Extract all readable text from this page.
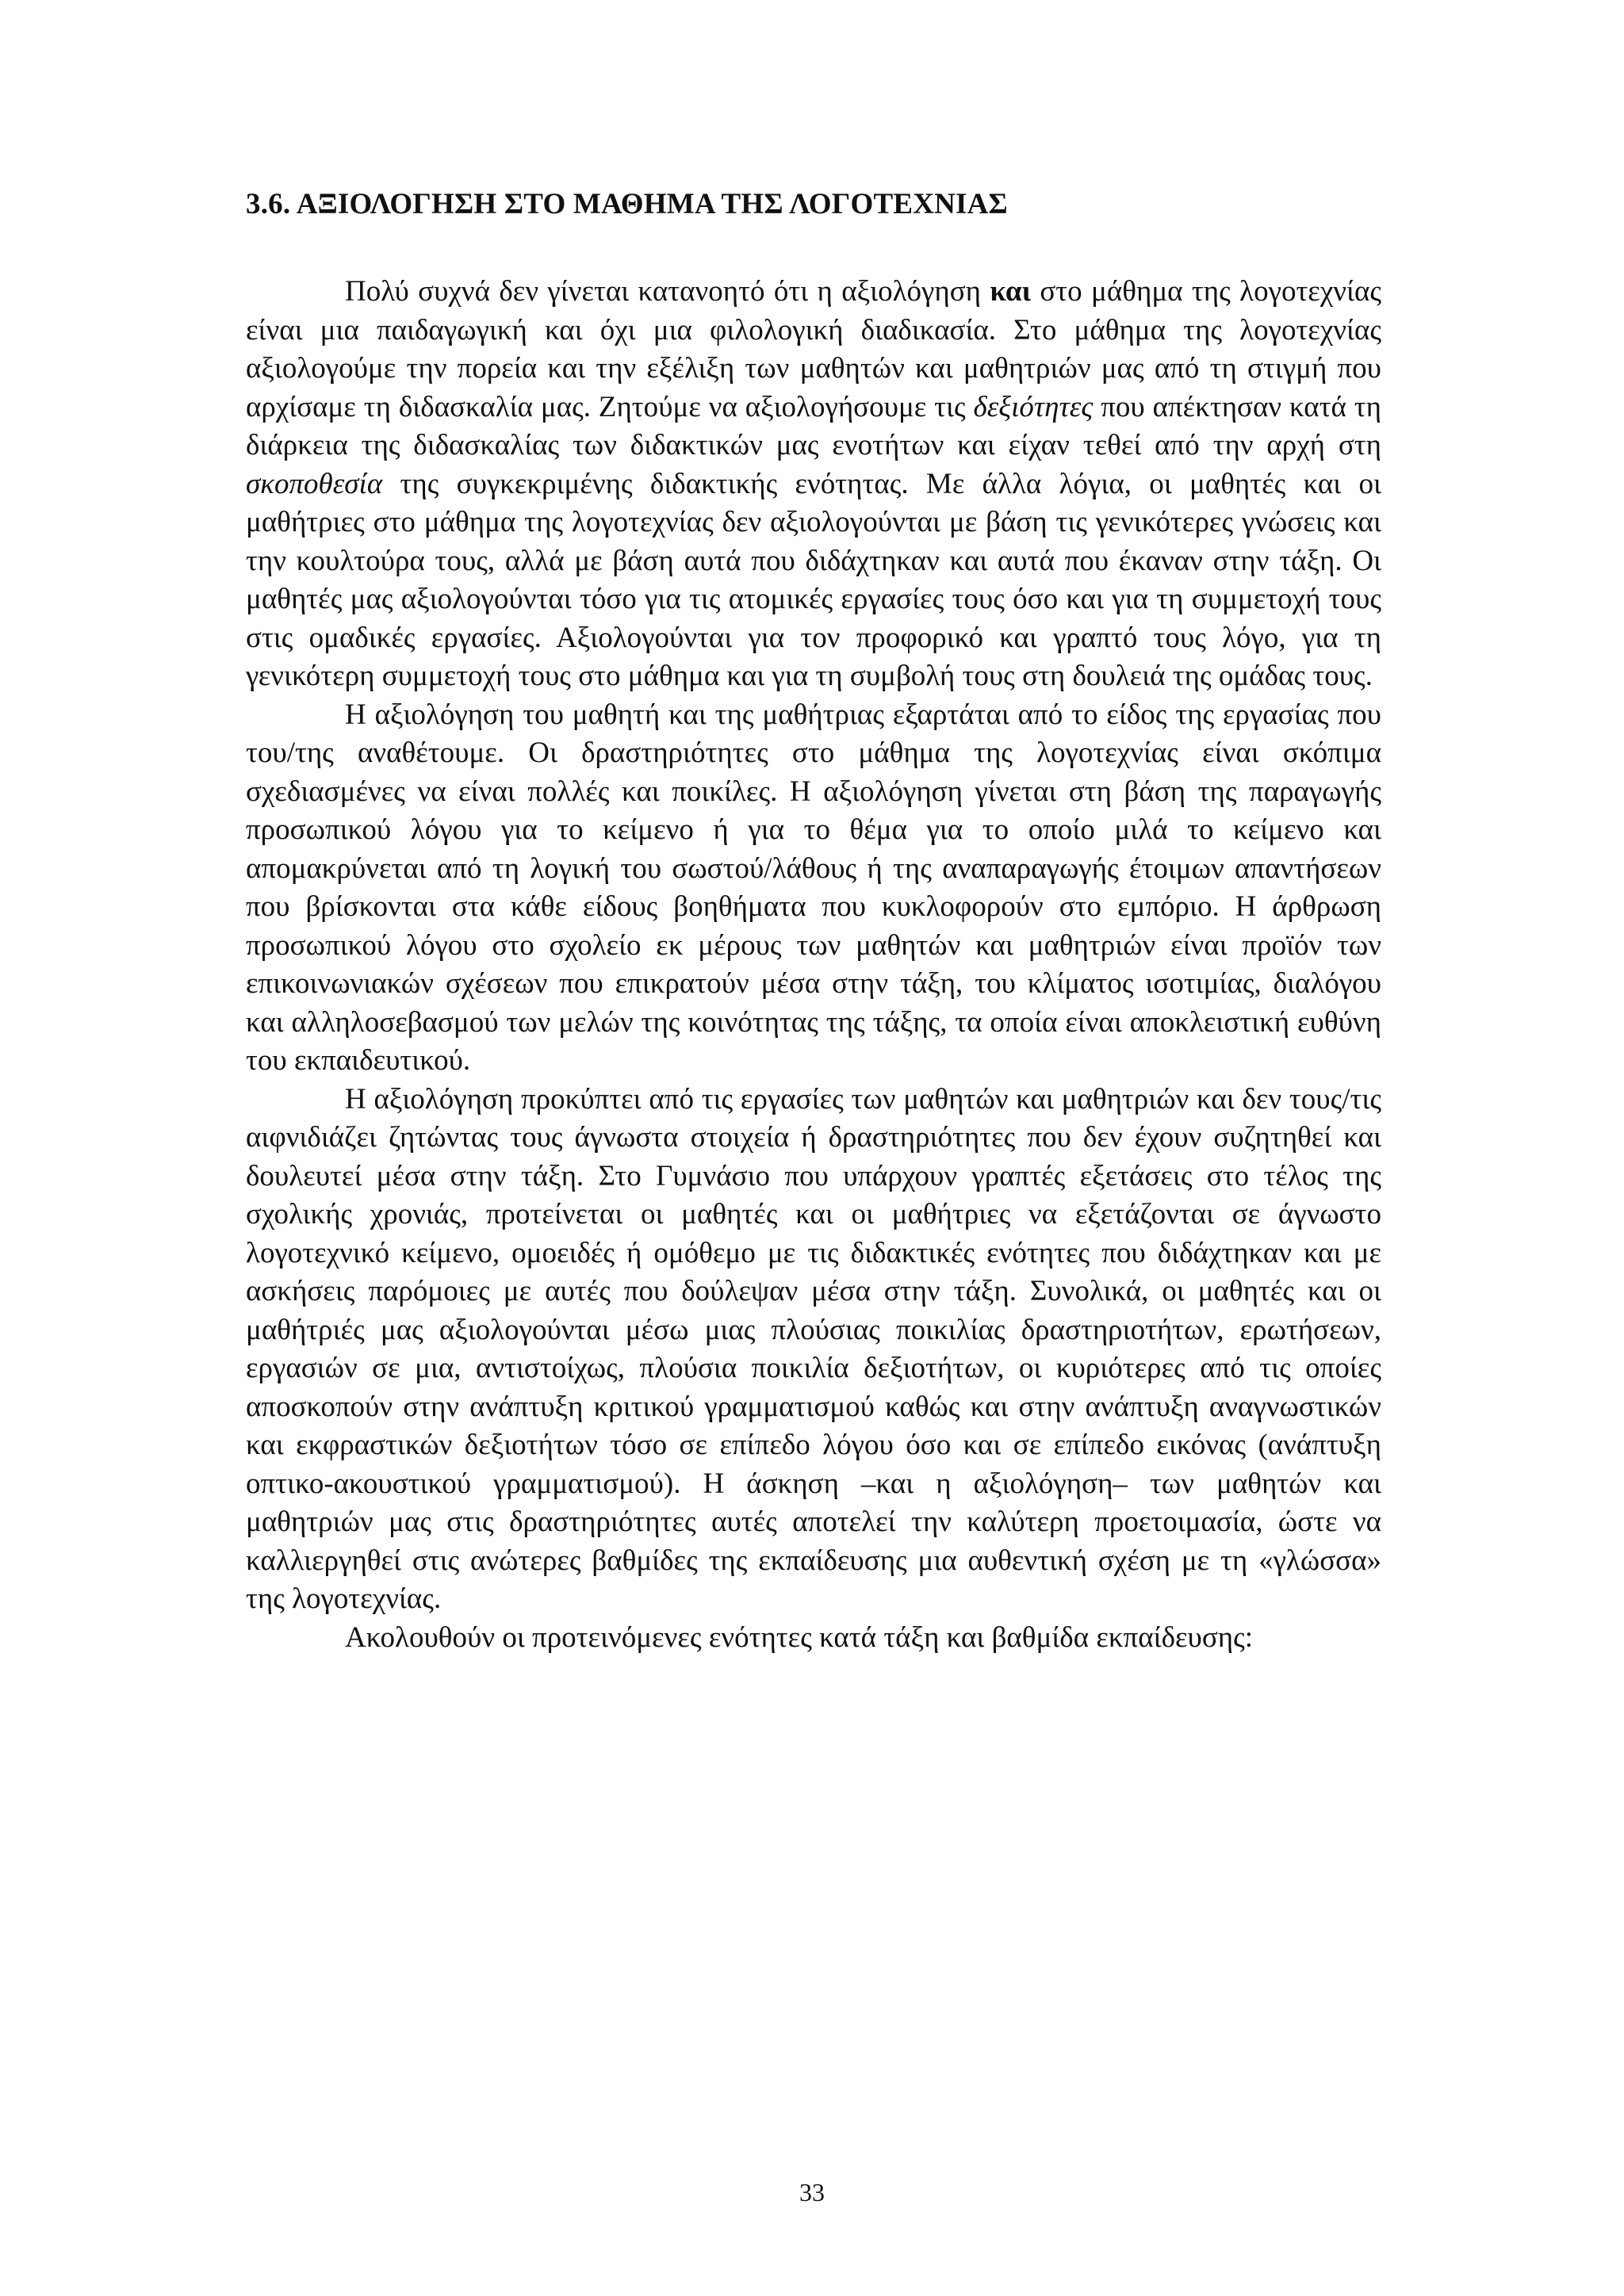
3.6. ΑΞΙΟΛΟΓΗΣΗ ΣΤΟ ΜΑΘΗΜΑ ΤΗΣ ΛΟΓΟΤΕΧΝΙΑΣ

Πολύ συχνά δεν γίνεται κατανοητό ότι η αξιολόγηση και στο μάθημα της λογοτεχνίας είναι μια παιδαγωγική και όχι μια φιλολογική διαδικασία. Στο μάθημα της λογοτεχνίας αξιολογούμε την πορεία και την εξέλιξη των μαθητών και μαθητριών μας από τη στιγμή που αρχίσαμε τη διδασκαλία μας. Ζητούμε να αξιολογήσουμε τις δεξιότητες που απέκτησαν κατά τη διάρκεια της διδασκαλίας των διδακτικών μας ενοτήτων και είχαν τεθεί από την αρχή στη σκοποθεσία της συγκεκριμένης διδακτικής ενότητας. Με άλλα λόγια, οι μαθητές και οι μαθήτριες στο μάθημα της λογοτεχνίας δεν αξιολογούνται με βάση τις γενικότερες γνώσεις και την κουλτούρα τους, αλλά με βάση αυτά που διδάχτηκαν και αυτά που έκαναν στην τάξη. Οι μαθητές μας αξιολογούνται τόσο για τις ατομικές εργασίες τους όσο και για τη συμμετοχή τους στις ομαδικές εργασίες. Αξιολογούνται για τον προφορικό και γραπτό τους λόγο, για τη γενικότερη συμμετοχή τους στο μάθημα και για τη συμβολή τους στη δουλειά της ομάδας τους.

Η αξιολόγηση του μαθητή και της μαθήτριας εξαρτάται από το είδος της εργασίας που του/της αναθέτουμε. Οι δραστηριότητες στο μάθημα της λογοτεχνίας είναι σκόπιμα σχεδιασμένες να είναι πολλές και ποικίλες. Η αξιολόγηση γίνεται στη βάση της παραγωγής προσωπικού λόγου για το κείμενο ή για το θέμα για το οποίο μιλά το κείμενο και απομακρύνεται από τη λογική του σωστού/λάθους ή της αναπαραγωγής έτοιμων απαντήσεων που βρίσκονται στα κάθε είδους βοηθήματα που κυκλοφορούν στο εμπόριο. Η άρθρωση προσωπικού λόγου στο σχολείο εκ μέρους των μαθητών και μαθητριών είναι προϊόν των επικοινωνιακών σχέσεων που επικρατούν μέσα στην τάξη, του κλίματος ισοτιμίας, διαλόγου και αλληλοσεβασμού των μελών της κοινότητας της τάξης, τα οποία είναι αποκλειστική ευθύνη του εκπαιδευτικού.

Η αξιολόγηση προκύπτει από τις εργασίες των μαθητών και μαθητριών και δεν τους/τις αιφνιδιάζει ζητώντας τους άγνωστα στοιχεία ή δραστηριότητες που δεν έχουν συζητηθεί και δουλευτεί μέσα στην τάξη. Στο Γυμνάσιο που υπάρχουν γραπτές εξετάσεις στο τέλος της σχολικής χρονιάς, προτείνεται οι μαθητές και οι μαθήτριες να εξετάζονται σε άγνωστο λογοτεχνικό κείμενο, ομοειδές ή ομόθεμο με τις διδακτικές ενότητες που διδάχτηκαν και με ασκήσεις παρόμοιες με αυτές που δούλεψαν μέσα στην τάξη. Συνολικά, οι μαθητές και οι μαθήτριές μας αξιολογούνται μέσω μιας πλούσιας ποικιλίας δραστηριοτήτων, ερωτήσεων, εργασιών σε μια, αντιστοίχως, πλούσια ποικιλία δεξιοτήτων, οι κυριότερες από τις οποίες αποσκοπούν στην ανάπτυξη κριτικού γραμματισμού καθώς και στην ανάπτυξη αναγνωστικών και εκφραστικών δεξιοτήτων τόσο σε επίπεδο λόγου όσο και σε επίπεδο εικόνας (ανάπτυξη οπτικο-ακουστικού γραμματισμού). Η άσκηση –και η αξιολόγηση– των μαθητών και μαθητριών μας στις δραστηριότητες αυτές αποτελεί την καλύτερη προετοιμασία, ώστε να καλλιεργηθεί στις ανώτερες βαθμίδες της εκπαίδευσης μια αυθεντική σχέση με τη «γλώσσα» της λογοτεχνίας.

Ακολουθούν οι προτεινόμενες ενότητες κατά τάξη και βαθμίδα εκπαίδευσης:

33
